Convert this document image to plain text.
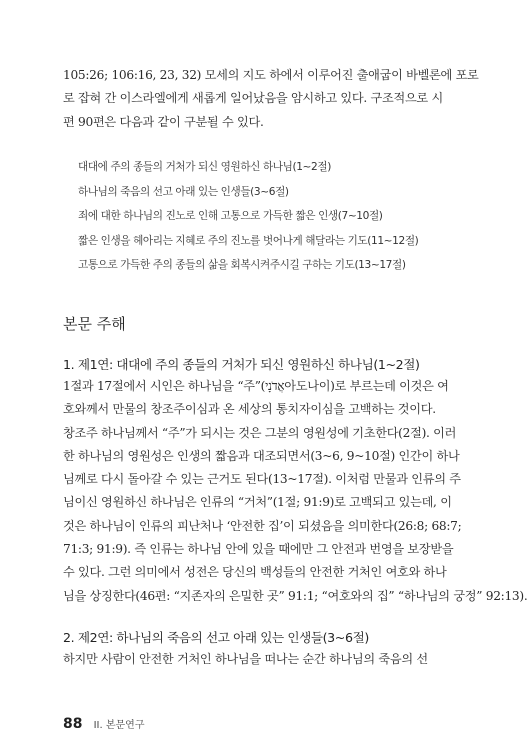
105:26; 106:16, 23, 32) 모세의 지도 하에서 이루어진 출애굽이 바벨론에 포로
로 잡혀 간 이스라엘에게 새롭게 일어났음을 암시하고 있다. 구조적으로 시
편 90편은 다음과 같이 구분될 수 있다.
대대에 주의 종들의 거처가 되신 영원하신 하나님(1~2절)
하나님의 죽음의 선고 아래 있는 인생들(3~6절)
죄에 대한 하나님의 진노로 인해 고통으로 가득한 짧은 인생(7~10절)
짧은 인생을 헤아리는 지혜로 주의 진노를 벗어나게 해달라는 기도(11~12절)
고통으로 가득한 주의 종들의 삶을 회복시켜주시길 구하는 기도(13~17절)
본문 주해
1. 제1연: 대대에 주의 종들의 거처가 되신 영원하신 하나님(1~2절)
1절과 17절에서 시인은 하나님을 “주”(אֲדֹנָי아도나이)로 부르는데 이것은 여
호와께서 만물의 창조주이심과 온 세상의 통치자이심을 고백하는 것이다.
창조주 하나님께서 “주”가 되시는 것은 그분의 영원성에 기초한다(2절). 이러
한 하나님의 영원성은 인생의 짧음과 대조되면서(3~6, 9~10절) 인간이 하나
님께로 다시 돌아갈 수 있는 근거도 된다(13~17절). 이처럼 만물과 인류의 주
님이신 영원하신 하나님은 인류의 “거처”(1절; 91:9)로 고백되고 있는데, 이
것은 하나님이 인류의 피난처나 ‘안전한 집’이 되셨음을 의미한다(26:8; 68:7;
71:3; 91:9). 즉 인류는 하나님 안에 있을 때에만 그 안전과 번영을 보장받을
수 있다. 그런 의미에서 성전은 당신의 백성들의 안전한 거처인 여호와 하나
님을 상징한다(46편: “지존자의 은밀한 곳” 91:1; “여호와의 집” “하나님의 궁정” 92:13).
2. 제2연: 하나님의 죽음의 선고 아래 있는 인생들(3~6절)
하지만 사람이 안전한 거처인 하나님을 떠나는 순간 하나님의 죽음의 선
88 II. 본문연구
